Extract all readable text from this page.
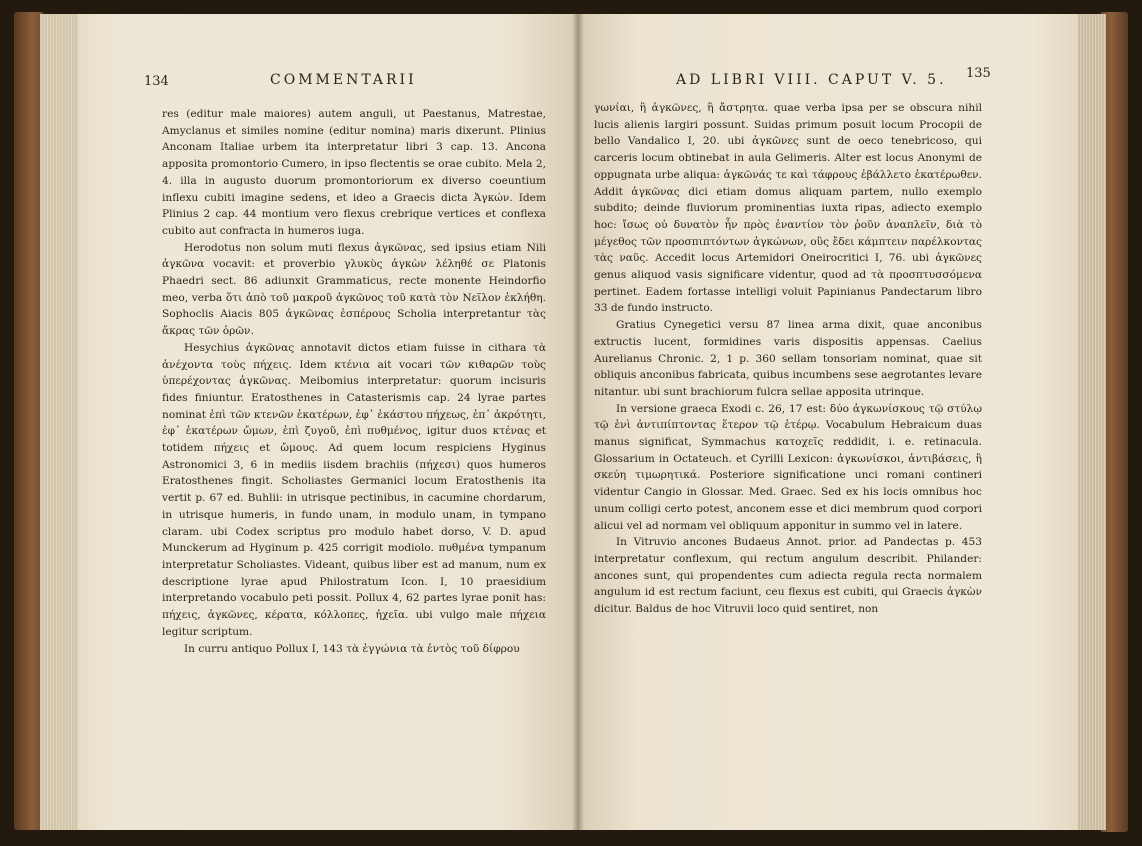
134	COMMENTARII

res (editur male maiores) autem anguli, ut Paestanus, Matrestae, Amyclanus et similes nomine (editur nomina) maris dixerunt. Plinius Anconam Italiae urbem ita interpretatur libri 3 cap. 13. Ancona apposita promontorio Cumero, in ipso flectentis se orae cubito. Mela 2, 4. illa in augusto duorum promontoriorum ex diverso coeuntium inflexu cubiti imagine sedens, et ideo a Graecis dicta Ἀγκών. Idem Plinius 2 cap. 44 montium vero flexus crebrique vertices et conflexa cubito aut confracta in humeros iuga.

Herodotus non solum muti flexus ἀγκῶνας, sed ipsius etiam Nili ἀγκῶνα vocavit: et proverbio γλυκὺς ἀγκὼν λέληθέ σε Platonis Phaedri sect. 86 adiunxit Grammaticus, recte monente Heindorfio meo, verba ὅτι ἀπὸ τοῦ μακροῦ ἀγκῶνος τοῦ κατὰ τὸν Νεῖλον ἐκλήθη. Sophoclis Aiacis 805 ἀγκῶνας ἑσπέρους Scholia interpretantur τὰς ἄκρας τῶν ὀρῶν.

Hesychius ἀγκῶνας annotavit dictos etiam fuisse in cithara τὰ ἀνέχοντα τοὺς πήχεις. Idem κτένια ait vocari τῶν κιθαρῶν τοὺς ὑπερέχοντας ἀγκῶνας. Meibomius interpretatur: quorum incisuris fides finiuntur. Eratosthenes in Catasterismis cap. 24 lyrae partes nominat ἐπὶ τῶν κτενῶν ἑκατέρων, ἐφ᾽ ἑκάστου πήχεως, ἐπ᾽ ἀκρότητι, ἐφ᾽ ἑκατέρων ὤμων, ἐπὶ ζυγοῦ, ἐπὶ πυθμένος, igitur duos κτένας et totidem πήχεις et ὤμους. Ad quem locum respiciens Hyginus Astronomici 3, 6 in mediis iisdem brachiis (πήχεσι) quos humeros Eratosthenes fingit. Scholiastes Germanici locum Eratosthenis ita vertit p. 67 ed. Buhlii: in utrisque pectinibus, in cacumine chordarum, in utrisque humeris, in fundo unam, in modulo unam, in tympano claram. ubi Codex scriptus pro modulo habet dorso, V. D. apud Munckerum ad Hyginum p. 425 corrigit modiolo. πυθμένα tympanum interpretatur Scholiastes. Videant, quibus liber est ad manum, num ex descriptione lyrae apud Philostratum Icon. I, 10 praesidium interpretando vocabulo peti possit. Pollux 4, 62 partes lyrae ponit has: πήχεις, ἀγκῶνες, κέρατα, κόλλοπες, ἠχεῖα. ubi vulgo male πήχεια legitur scriptum.

In curru antiquo Pollux I, 143 τὰ ἐγγώνια τὰ ἐντὸς τοῦ δίφρου

AD LIBRI VIII. CAPUT V. 5. 135

γωνίαι, ἢ ἀγκῶνες, ἢ ἄστρητα. quae verba ipsa per se obscura nihil lucis alienis largiri possunt. Suidas primum posuit locum Procopii de bello Vandalico I, 20. ubi ἀγκῶνες sunt de oeco tenebricoso, qui carceris locum obtinebat in aula Gelimeris. Alter est locus Anonymi de oppugnata urbe aliqua: ἀγκῶνάς τε καὶ τάφρους ἐβάλλετο ἑκατέρωθεν. Addit ἀγκῶνας dici etiam domus aliquam partem, nullo exemplo subdito; deinde fluviorum prominentias iuxta ripas, adiecto exemplo hoc: ἴσως οὐ δυνατὸν ἦν πρὸς ἐναντίον τὸν ῥοῦν ἀναπλεῖν, διὰ τὸ μέγεθος τῶν προσπιπτόντων ἀγκώνων, οὓς ἔδει κάμπτειν παρέλκοντας τὰς ναῦς. Accedit locus Artemidori Oneirocritici I, 76. ubi ἀγκῶνες genus aliquod vasis significare videntur, quod ad τὰ προσπτυσσόμενα pertinet. Eadem fortasse intelligi voluit Papinianus Pandectarum libro 33 de fundo instructo.

Gratius Cynegetici versu 87 linea arma dixit, quae anconibus extructis lucent, formidines varis dispositis appensas. Caelius Aurelianus Chronic. 2, 1 p. 360 sellam tonsoriam nominat, quae sit obliquis anconibus fabricata, quibus incumbens sese aegrotantes levare nitantur. ubi sunt brachiorum fulcra sellae apposita utrinque.

In versione graeca Exodi c. 26, 17 est: δύο ἀγκωνίσκους τῷ στύλῳ τῷ ἑνὶ ἀντιπίπτοντας ἕτερον τῷ ἑτέρῳ. Vocabulum Hebraicum duas manus significat, Symmachus κατοχεῖς reddidit, i. e. retinacula. Glossarium in Octateuch. et Cyrilli Lexicon: ἀγκωνίσκοι, ἀντιβάσεις, ἢ σκεύη τιμωρητικά. Posteriore significatione unci romani contineri videntur Cangio in Glossar. Med. Graec. Sed ex his locis omnibus hoc unum colligi certo potest, anconem esse et dici membrum quod corpori alicui vel ad normam vel obliquum apponitur in summo vel in latere.

In Vitruvio ancones Budaeus Annot. prior. ad Pandectas p. 453 interpretatur conflexum, qui rectum angulum describit. Philander: ancones sunt, qui propendentes cum adiecta regula recta normalem angulum id est rectum faciunt, ceu flexus est cubiti, qui Graecis ἀγκὼν dicitur. Baldus de hoc Vitruvii loco quid sentiret, non
